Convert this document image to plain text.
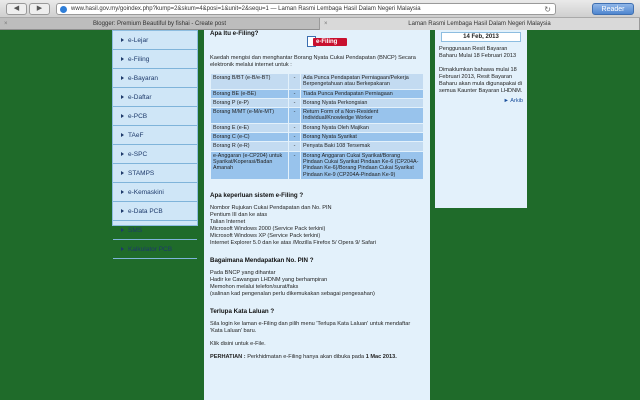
◀	▶	www.hasil.gov.my/goindex.php?kump=2&skum=4&posi=1&unit=2&sequ=1 — Laman Rasmi Lembaga Hasil Dalam Negeri Malaysia	↻	Reader
×	Blogger: Premium Beautiful by fishai - Create post	×	Laman Rasmi Lembaga Hasil Dalam Negeri Malaysia
e-Lejar
e-Filing
e-Bayaran
e-Daftar
e-PCB
TAeF
e-SPC
STAMPS
e-Kemaskini
e-Data PCB
SMS
Kalkulator PCB
Apa Itu e-Filing?
e-Filing
Kaedah mengisi dan menghantar Borang Nyata Cukai Pendapatan (BNCP) Secara elektronik melalui internet untuk :
Borang B/BT (e-B/e-BT)	-	Ada Punca Pendapatan Perniagaan/Pekerja Berpengetahuan atau Berkepakaran
Borang BE (e-BE)	-	Tiada Punca Pendapatan Perniagaan
Borang P (e-P)	-	Borang Nyata Perkongsian
Borang M/MT (e-M/e-MT)	-	Return Form of a Non-Resident Individual/Knowledge Worker
Borang E (e-E)	-	Borang Nyata Oleh Majikan
Borang C (e-C)	-	Borang Nyata Syarikat
Borang R (e-R)	-	Penyata Baki 108 Tersemak
e-Anggaran (e-CP204) untuk Syarikat/Koperasi/Badan Amanah	-	Borang Anggaran Cukai Syarikat/Borang Pindaan Cukai Syarikat Pindaan Ke-6 (CP204A-Pindaan Ke-6)/Borang Pindaan Cukai Syarikat Pindaan Ke-9 (CP204A-Pindaan Ke-9)
Apa keperluan sistem e-Filing ?
Nombor Rujukan Cukai Pendapatan dan No. PIN
Pentium III dan ke atas
Talian Internet
Microsoft Windows 2000 (Service Pack terkini)
Microsoft Windows XP (Service Pack terkini)
Internet Explorer 5.0 dan ke atas /Mozilla Firefox 5/ Opera 9/ Safari
Bagaimana Mendapatkan No. PIN ?
Pada BNCP yang dihantar
Hadir ke Cawangan LHDNM yang berhampiran
Memohon melalui telefon/surat/faks
(salinan kad pengenalan perlu dikemukakan sebagai pengesahan)
Terlupa Kata Laluan ?
Sila login ke laman e-Filing dan pilih menu 'Terlupa Kata Laluan' untuk mendaftar 'Kata Laluan' baru.
Klik disini untuk e-File.
PERHATIAN : Perkhidmatan e-Filing hanya akan dibuka pada 1 Mac 2013.
14 Feb, 2013
Penggunaan Resit Bayaran Baharu Mulai 18 Februari 2013
Dimaklumkan bahawa mulai 18 Februari 2013, Resit Bayaran Baharu akan mula digunapakai di semua Kaunter Bayaran LHDNM.
► Arkib
